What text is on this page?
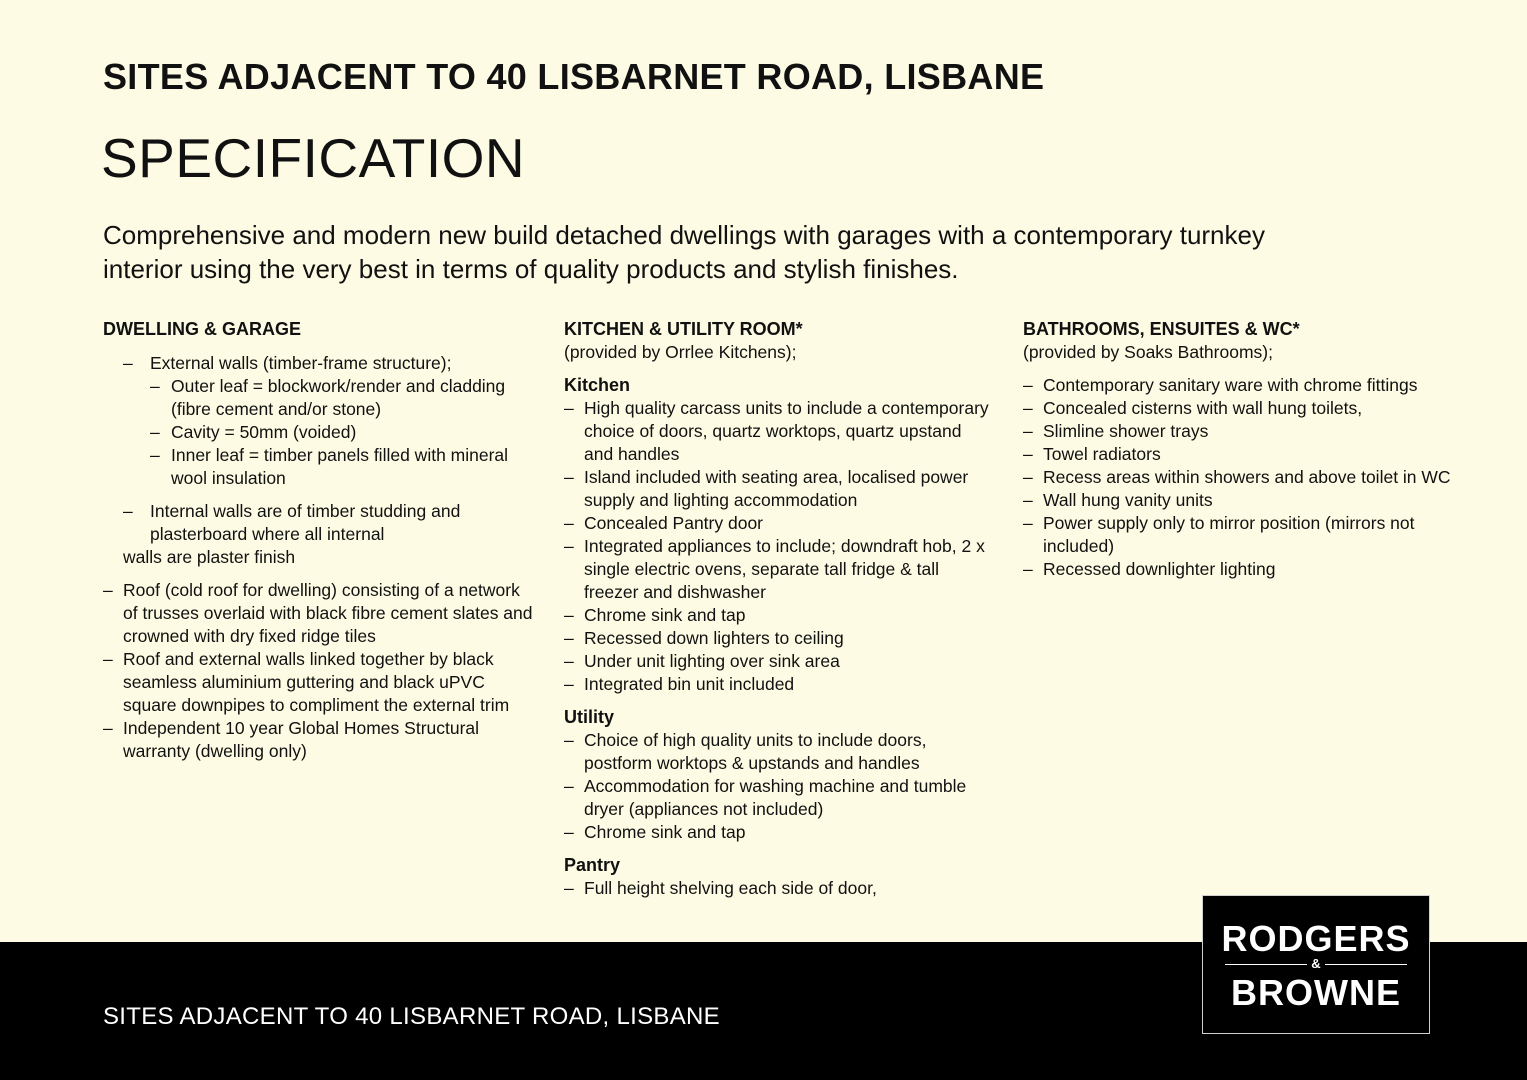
SITES ADJACENT TO 40 LISBARNET ROAD, LISBANE
SPECIFICATION

Comprehensive and modern new build detached dwellings with garages with a contemporary turnkey interior using the very best in terms of quality products and stylish finishes.

DWELLING & GARAGE

– External walls (timber-frame structure);
– Outer leaf = blockwork/render and cladding (fibre cement and/or stone)
– Cavity = 50mm (voided)
– Inner leaf = timber panels filled with mineral wool insulation
– Internal walls are of timber studding and plasterboard where all internal
walls are plaster finish
– Roof (cold roof for dwelling) consisting of a network of trusses overlaid with black fibre cement slates and crowned with dry fixed ridge tiles
– Roof and external walls linked together by black seamless aluminium guttering and black uPVC square downpipes to compliment the external trim
– Independent 10 year Global Homes Structural warranty (dwelling only)

KITCHEN & UTILITY ROOM*

(provided by Orrlee Kitchens);

Kitchen

– High quality carcass units to include a contemporary choice of doors, quartz worktops, quartz upstand and handles
– Island included with seating area, localised power supply and lighting accommodation
– Concealed Pantry door
– Integrated appliances to include; downdraft hob, 2 x single electric ovens, separate tall fridge & tall freezer and dishwasher
– Chrome sink and tap
– Recessed down lighters to ceiling
– Under unit lighting over sink area
– Integrated bin unit included

Utility

– Choice of high quality units to include doors, postform worktops & upstands and handles
– Accommodation for washing machine and tumble dryer (appliances not included)
– Chrome sink and tap

Pantry

– Full height shelving each side of door,

BATHROOMS, ENSUITES & WC*

(provided by Soaks Bathrooms);

– Contemporary sanitary ware with chrome fittings
– Concealed cisterns with wall hung toilets,
– Slimline shower trays
– Towel radiators
– Recess areas within showers and above toilet in WC
– Wall hung vanity units
– Power supply only to mirror position (mirrors not included)
– Recessed downlighter lighting

SITES ADJACENT TO 40 LISBARNET ROAD, LISBANE

RODGERS
&
BROWNE
